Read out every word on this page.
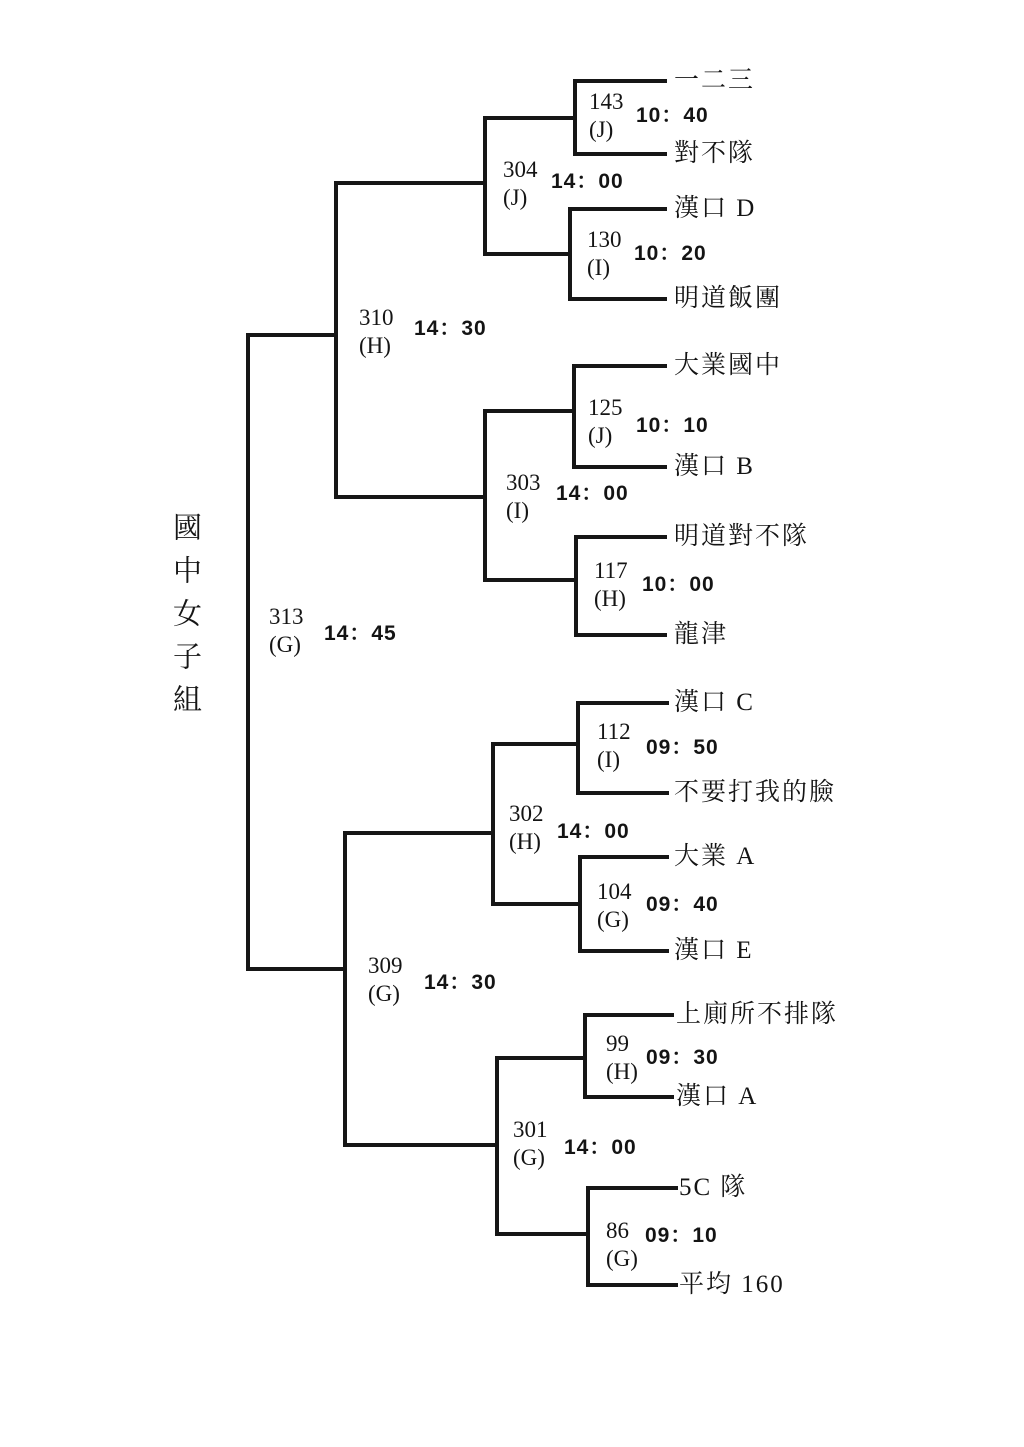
國中女子組	313
(G) 14：45
310
(H)
14：30
309
(G) 14：30
304
(J)
14：00
303
(I)
14：00
302
(H) 14：00
301
(G) 14：00
143
(J)
10：40
一二三
對不隊
130
(I)
10：20
漢口 D
明道飯團
125
(J)	10：10
大業國中
漢口 B
117
(H)
10：00
明道對不隊
龍津
112
(I)	09：50
漢口 C
不要打我的臉
104
(G)
09：40
大業 A
漢口 E
99
(H)
09：30
上廁所不排隊
漢口 A
86
(G)
09：10
5C 隊
平均 160
